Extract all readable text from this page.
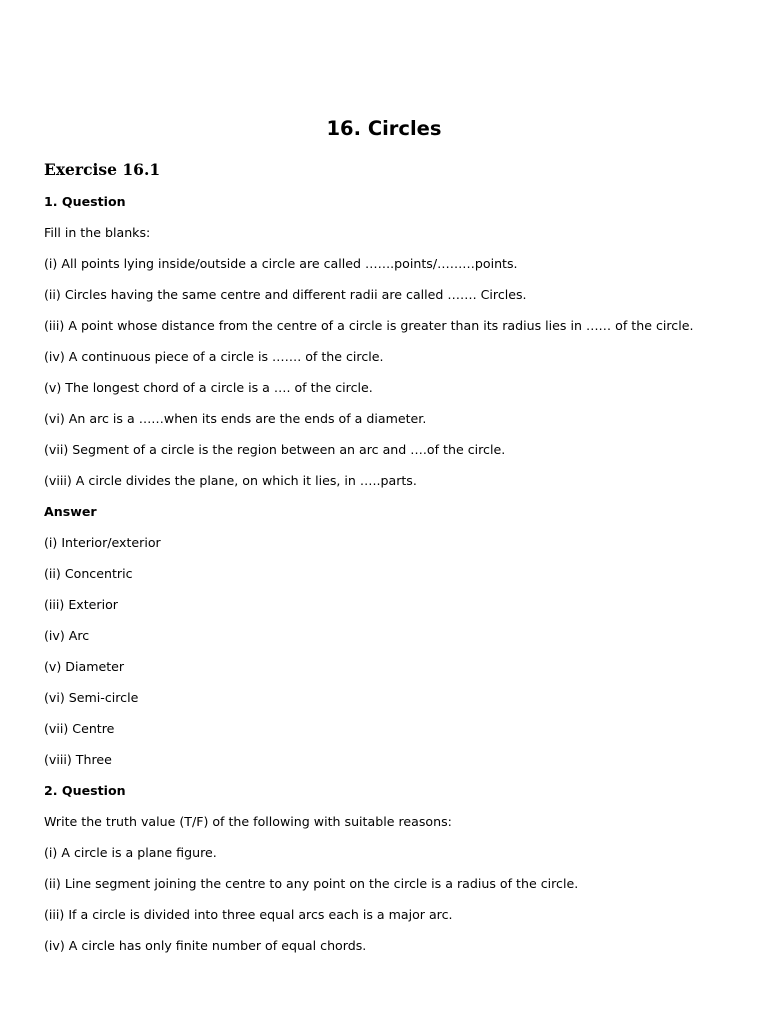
16. Circles
Exercise 16.1

1. Question

Fill in the blanks:

(i) All points lying inside/outside a circle are called …….points/………points.

(ii) Circles having the same centre and different radii are called ……. Circles.

(iii) A point whose distance from the centre of a circle is greater than its radius lies in …… of the circle.

(iv) A continuous piece of a circle is ……. of the circle.

(v) The longest chord of a circle is a …. of the circle.

(vi) An arc is a ……when its ends are the ends of a diameter.

(vii) Segment of a circle is the region between an arc and ….of the circle.

(viii) A circle divides the plane, on which it lies, in …..parts.

Answer

(i) Interior/exterior

(ii) Concentric

(iii) Exterior

(iv) Arc

(v) Diameter

(vi) Semi-circle

(vii) Centre

(viii) Three

2. Question

Write the truth value (T/F) of the following with suitable reasons:

(i) A circle is a plane figure.

(ii) Line segment joining the centre to any point on the circle is a radius of the circle.

(iii) If a circle is divided into three equal arcs each is a major arc.

(iv) A circle has only finite number of equal chords.
